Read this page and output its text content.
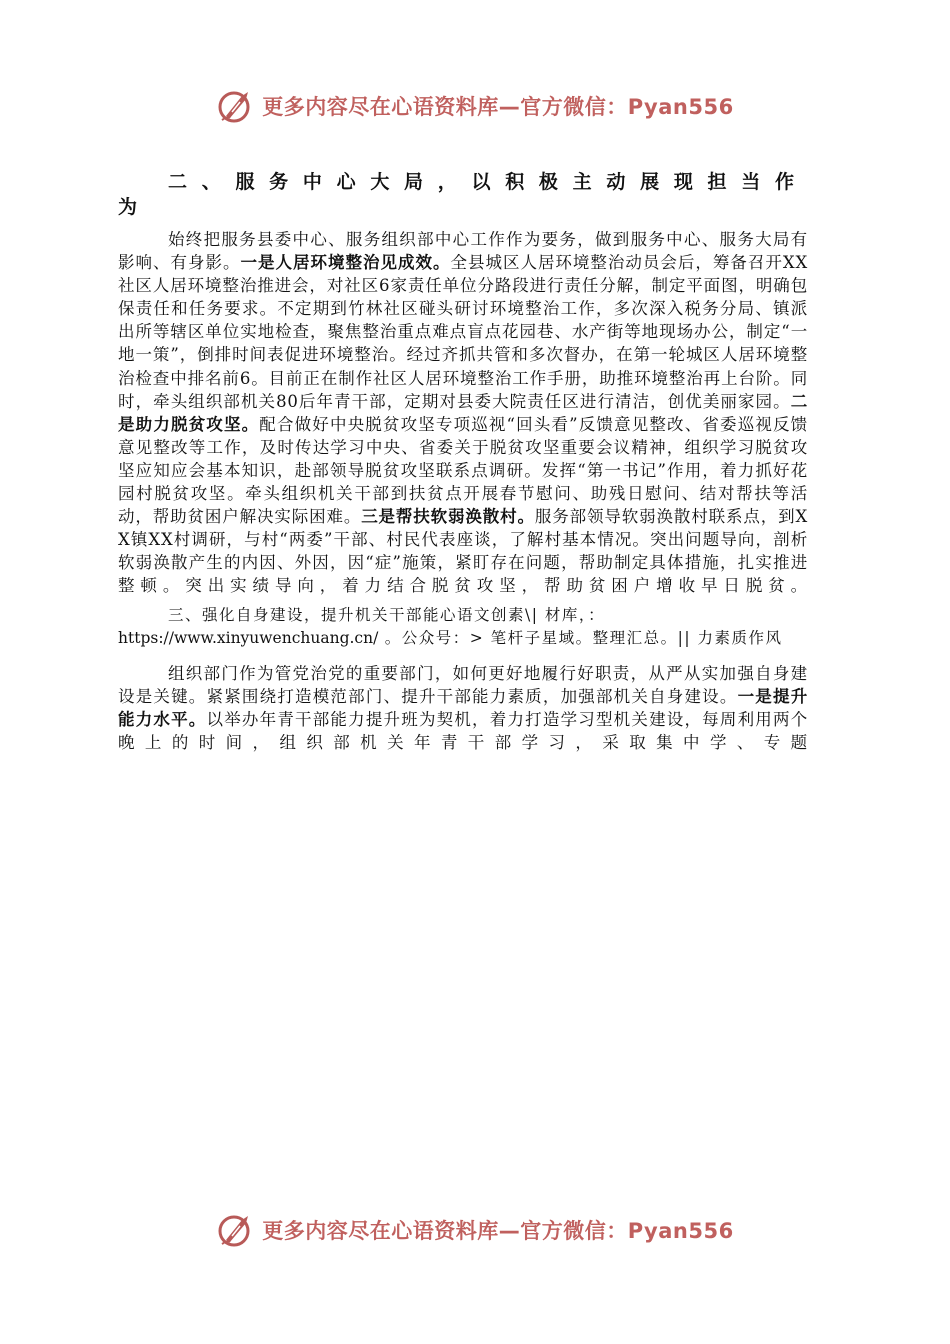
更多内容尽在心语资料库—官方微信：Pyan556
二、服务中心大局，以积极主动展现担当作为

始终把服务县委中心、服务组织部中心工作作为要务，做到服务中心、服务大局有影响、有身影。一是人居环境整治见成效。全县城区人居环境整治动员会后，筹备召开XX社区人居环境整治推进会，对社区6家责任单位分路段进行责任分解，制定平面图，明确包保责任和任务要求。不定期到竹林社区碰头研讨环境整治工作，多次深入税务分局、镇派出所等辖区单位实地检查，聚焦整治重点难点盲点花园巷、水产街等地现场办公，制定“一地一策”，倒排时间表促进环境整治。经过齐抓共管和多次督办，在第一轮城区人居环境整治检查中排名前6。目前正在制作社区人居环境整治工作手册，助推环境整治再上台阶。同时，牵头组织部机关80后年青干部，定期对县委大院责任区进行清洁，创优美丽家园。二是助力脱贫攻坚。配合做好中央脱贫攻坚专项巡视“回头看”反馈意见整改、省委巡视反馈意见整改等工作，及时传达学习中央、省委关于脱贫攻坚重要会议精神，组织学习脱贫攻坚应知应会基本知识，赴部领导脱贫攻坚联系点调研。发挥“第一书记”作用，着力抓好花园村脱贫攻坚。牵头组织机关干部到扶贫点开展春节慰问、助残日慰问、结对帮扶等活动，帮助贫困户解决实际困难。三是帮扶软弱涣散村。服务部领导软弱涣散村联系点，到XX镇XX村调研，与村“两委”干部、村民代表座谈，了解村基本情况。突出问题导向，剖析软弱涣散产生的内因、外因，因“症”施策，紧盯存在问题，帮助制定具体措施，扎实推进整顿。突出实绩导向，着力结合脱贫攻坚，帮助贫困户增收早日脱贫。

三、强化自身建设，提升机关干部能心语文创素\| 材库，： https://www.xinyuwenchuang.cn/ 。公众号：> 笔杆子星域。整理汇总。|| 力素质作风

组织部门作为管党治党的重要部门，如何更好地履行好职责，从严从实加强自身建设是关键。紧紧围绕打造模范部门、提升干部能力素质，加强部机关自身建设。一是提升能力水平。以举办年青干部能力提升班为契机，着力打造学习型机关建设，每周利用两个晚上的时间，组织部机关年青干部学习，采取集中学、专题

更多内容尽在心语资料库—官方微信：Pyan556
